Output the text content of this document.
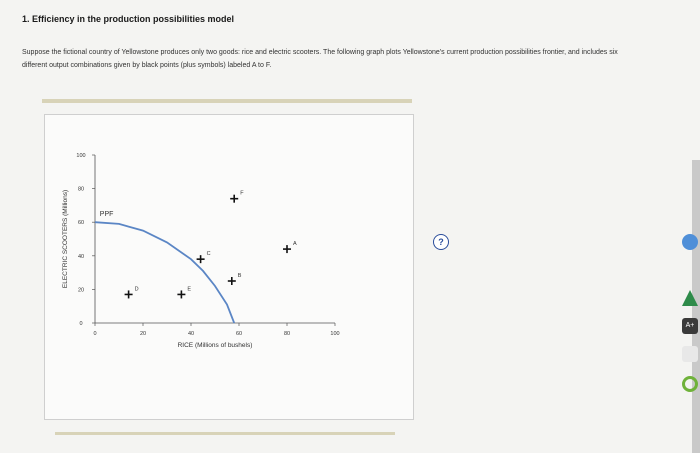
1. Efficiency in the production possibilities model
Suppose the fictional country of Yellowstone produces only two goods: rice and electric scooters. The following graph plots Yellowstone's current production possibilities frontier, and includes six different output combinations given by black points (plus symbols) labeled A to F.
0	20	40	60	80	100
0
20
40
60
80
100
PPF
A
B
C
D	E
F
RICE (Millions of bushels)
ELECTRIC SCOOTERS (Millions)	?
A+
